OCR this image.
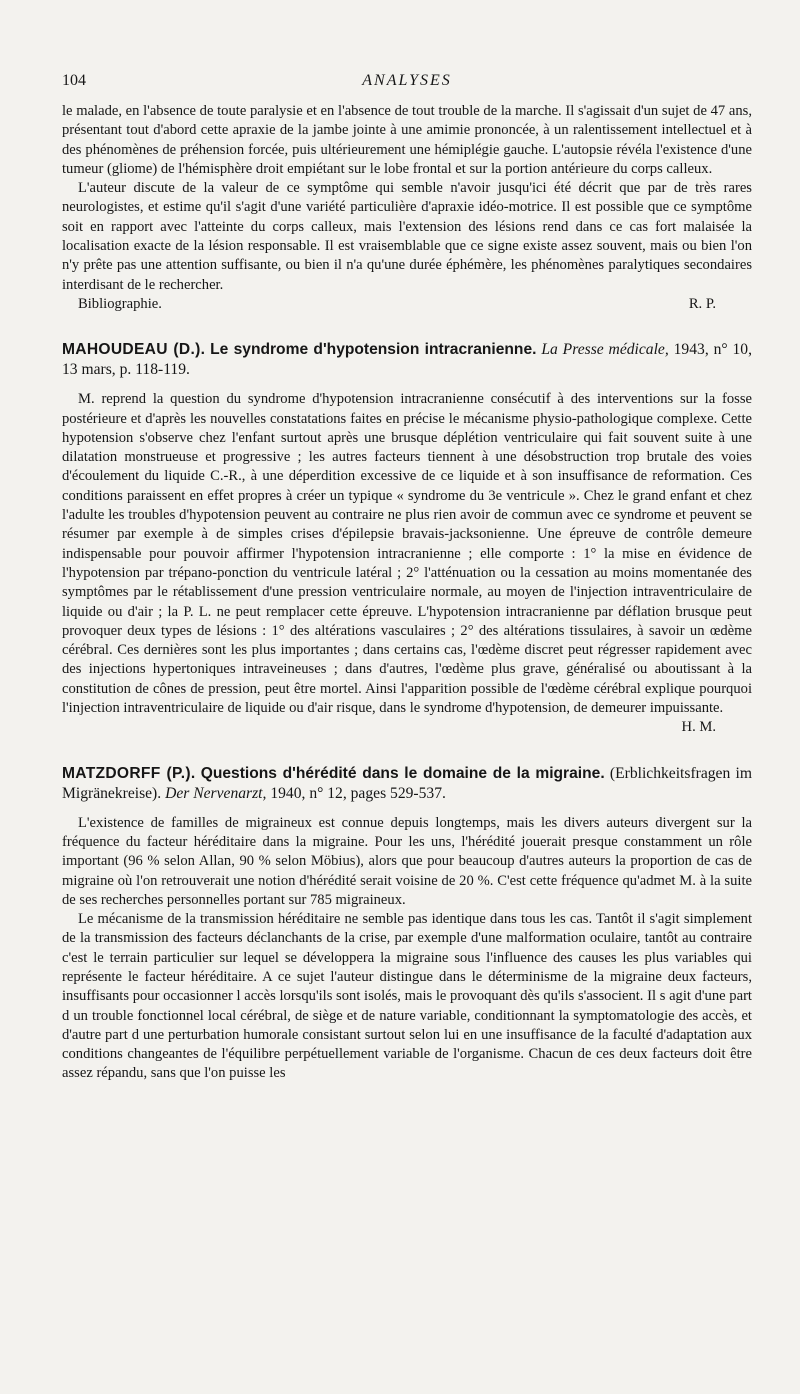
104	ANALYSES

le malade, en l'absence de toute paralysie et en l'absence de tout trouble de la marche. Il s'agissait d'un sujet de 47 ans, présentant tout d'abord cette apraxie de la jambe jointe à une amimie prononcée, à un ralentissement intellectuel et à des phénomènes de préhension forcée, puis ultérieurement une hémiplégie gauche. L'autopsie révéla l'existence d'une tumeur (gliome) de l'hémisphère droit empiétant sur le lobe frontal et sur la portion antérieure du corps calleux.

L'auteur discute de la valeur de ce symptôme qui semble n'avoir jusqu'ici été décrit que par de très rares neurologistes, et estime qu'il s'agit d'une variété particulière d'apraxie idéo-motrice. Il est possible que ce symptôme soit en rapport avec l'atteinte du corps calleux, mais l'extension des lésions rend dans ce cas fort malaisée la localisation exacte de la lésion responsable. Il est vraisemblable que ce signe existe assez souvent, mais ou bien l'on n'y prête pas une attention suffisante, ou bien il n'a qu'une durée éphémère, les phénomènes paralytiques secondaires interdisant de le rechercher.

Bibliographie.	R. P.

MAHOUDEAU (D.). Le syndrome d'hypotension intracranienne. La Presse médicale, 1943, n° 10, 13 mars, p. 118-119.

M. reprend la question du syndrome d'hypotension intracranienne consécutif à des interventions sur la fosse postérieure et d'après les nouvelles constatations faites en précise le mécanisme physio-pathologique complexe. Cette hypotension s'observe chez l'enfant surtout après une brusque déplétion ventriculaire qui fait souvent suite à une dilatation monstrueuse et progressive ; les autres facteurs tiennent à une désobstruction trop brutale des voies d'écoulement du liquide C.-R., à une déperdition excessive de ce liquide et à son insuffisance de reformation. Ces conditions paraissent en effet propres à créer un typique « syndrome du 3e ventricule ». Chez le grand enfant et chez l'adulte les troubles d'hypotension peuvent au contraire ne plus rien avoir de commun avec ce syndrome et peuvent se résumer par exemple à de simples crises d'épilepsie bravais-jacksonienne. Une épreuve de contrôle demeure indispensable pour pouvoir affirmer l'hypotension intracranienne ; elle comporte : 1° la mise en évidence de l'hypotension par trépano-ponction du ventricule latéral ; 2° l'atténuation ou la cessation au moins momentanée des symptômes par le rétablissement d'une pression ventriculaire normale, au moyen de l'injection intraventriculaire de liquide ou d'air ; la P. L. ne peut remplacer cette épreuve. L'hypotension intracranienne par déflation brusque peut provoquer deux types de lésions : 1° des altérations vasculaires ; 2° des altérations tissulaires, à savoir un œdème cérébral. Ces dernières sont les plus importantes ; dans certains cas, l'œdème discret peut régresser rapidement avec des injections hypertoniques intraveineuses ; dans d'autres, l'œdème plus grave, généralisé ou aboutissant à la constitution de cônes de pression, peut être mortel. Ainsi l'apparition possible de l'œdème cérébral explique pourquoi l'injection intraventriculaire de liquide ou d'air risque, dans le syndrome d'hypotension, de demeurer impuissante.

H. M.

MATZDORFF (P.). Questions d'hérédité dans le domaine de la migraine. (Erblichkeitsfragen im Migränekreise). Der Nervenarzt, 1940, n° 12, pages 529-537.

L'existence de familles de migraineux est connue depuis longtemps, mais les divers auteurs divergent sur la fréquence du facteur héréditaire dans la migraine. Pour les uns, l'hérédité jouerait presque constamment un rôle important (96 % selon Allan, 90 % selon Möbius), alors que pour beaucoup d'autres auteurs la proportion de cas de migraine où l'on retrouverait une notion d'hérédité serait voisine de 20 %. C'est cette fréquence qu'admet M. à la suite de ses recherches personnelles portant sur 785 migraineux.

Le mécanisme de la transmission héréditaire ne semble pas identique dans tous les cas. Tantôt il s'agit simplement de la transmission des facteurs déclanchants de la crise, par exemple d'une malformation oculaire, tantôt au contraire c'est le terrain particulier sur lequel se développera la migraine sous l'influence des causes les plus variables qui représente le facteur héréditaire. A ce sujet l'auteur distingue dans le déterminisme de la migraine deux facteurs, insuffisants pour occasionner l accès lorsqu'ils sont isolés, mais le provoquant dès qu'ils s'associent. Il s agit d'une part d un trouble fonctionnel local cérébral, de siège et de nature variable, conditionnant la symptomatologie des accès, et d'autre part d une perturbation humorale consistant surtout selon lui en une insuffisance de la faculté d'adaptation aux conditions changeantes de l'équilibre perpétuellement variable de l'organisme. Chacun de ces deux facteurs doit être assez répandu, sans que l'on puisse les
